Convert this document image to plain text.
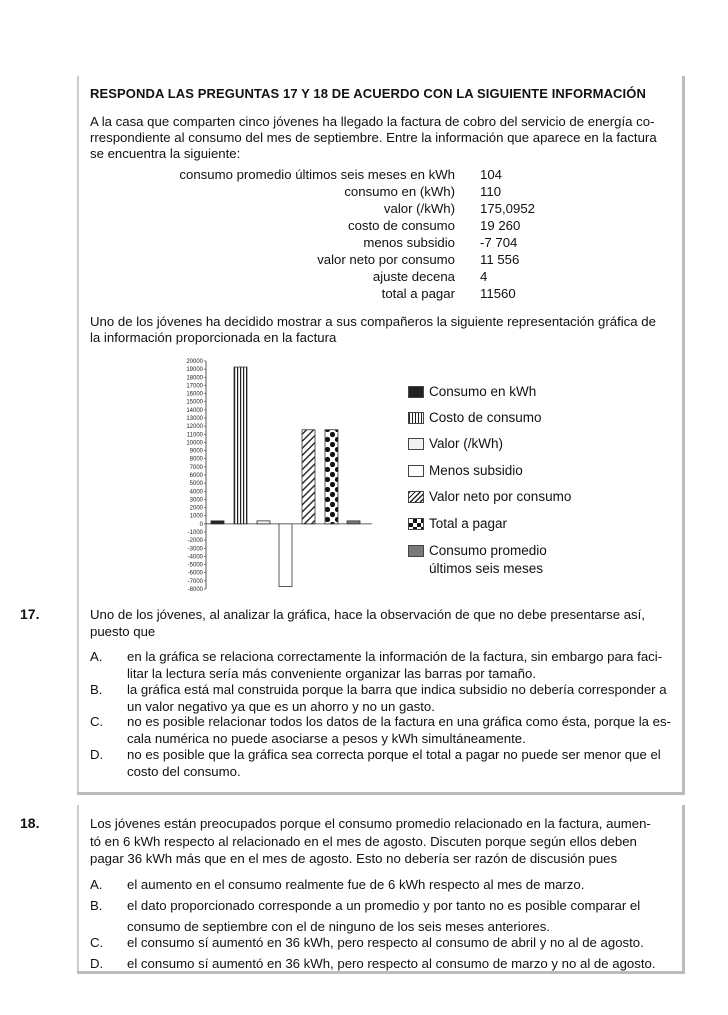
RESPONDA LAS PREGUNTAS 17 Y 18 DE ACUERDO CON LA SIGUIENTE INFORMACIÓN
A la casa que comparten cinco jóvenes ha llegado la factura de cobro del servicio de energía co-
rrespondiente al consumo del mes de septiembre. Entre la información que aparece en la factura
se encuentra la siguiente:
consumo promedio últimos seis meses en kWh 104
consumo en (kWh) 110
valor (/kWh) 175,0952
costo de consumo 19 260
menos subsidio -7 704
valor neto por consumo 11 556
ajuste decena 4
total a pagar 11560
Uno de los jóvenes ha decidido mostrar a sus compañeros la siguiente representación gráfica de
la información proporcionada en la factura
20000
19000
18000
17000
16000
15000
14000
13000
12000
11000
10000
9000
8000
7000
6000
5000
4000
3000
2000
1000
0
-1000
-2000
-3000
-4000
-5000
-6000
-7000
-8000
Consumo en kWh
Costo de consumo
Valor (/kWh)
Menos subsidio
Valor neto por consumo
Total a pagar
Consumo promedio
últimos seis meses
17.	Uno de los jóvenes, al analizar la gráfica, hace la observación de que no debe presentarse así,
puesto que
A. en la gráfica se relaciona correctamente la información de la factura, sin embargo para faci-
litar la lectura sería más conveniente organizar las barras por tamaño.
B. la gráfica está mal construida porque la barra que indica subsidio no debería corresponder a
un valor negativo ya que es un ahorro y no un gasto.
C. no es posible relacionar todos los datos de la factura en una gráfica como ésta, porque la es-
cala numérica no puede asociarse a pesos y kWh simultáneamente.
D. no es posible que la gráfica sea correcta porque el total a pagar no puede ser menor que el
costo del consumo.
18.	Los jóvenes están preocupados porque el consumo promedio relacionado en la factura, aumen-
tó en 6 kWh respecto al relacionado en el mes de agosto. Discuten porque según ellos deben
pagar 36 kWh más que en el mes de agosto. Esto no debería ser razón de discusión pues
A. el aumento en el consumo realmente fue de 6 kWh respecto al mes de marzo.
B. el dato proporcionado corresponde a un promedio y por tanto no es posible comparar el
consumo de septiembre con el de ninguno de los seis meses anteriores.
C. el consumo sí aumentó en 36 kWh, pero respecto al consumo de abril y no al de agosto.
D. el consumo sí aumentó en 36 kWh, pero respecto al consumo de marzo y no al de agosto.
